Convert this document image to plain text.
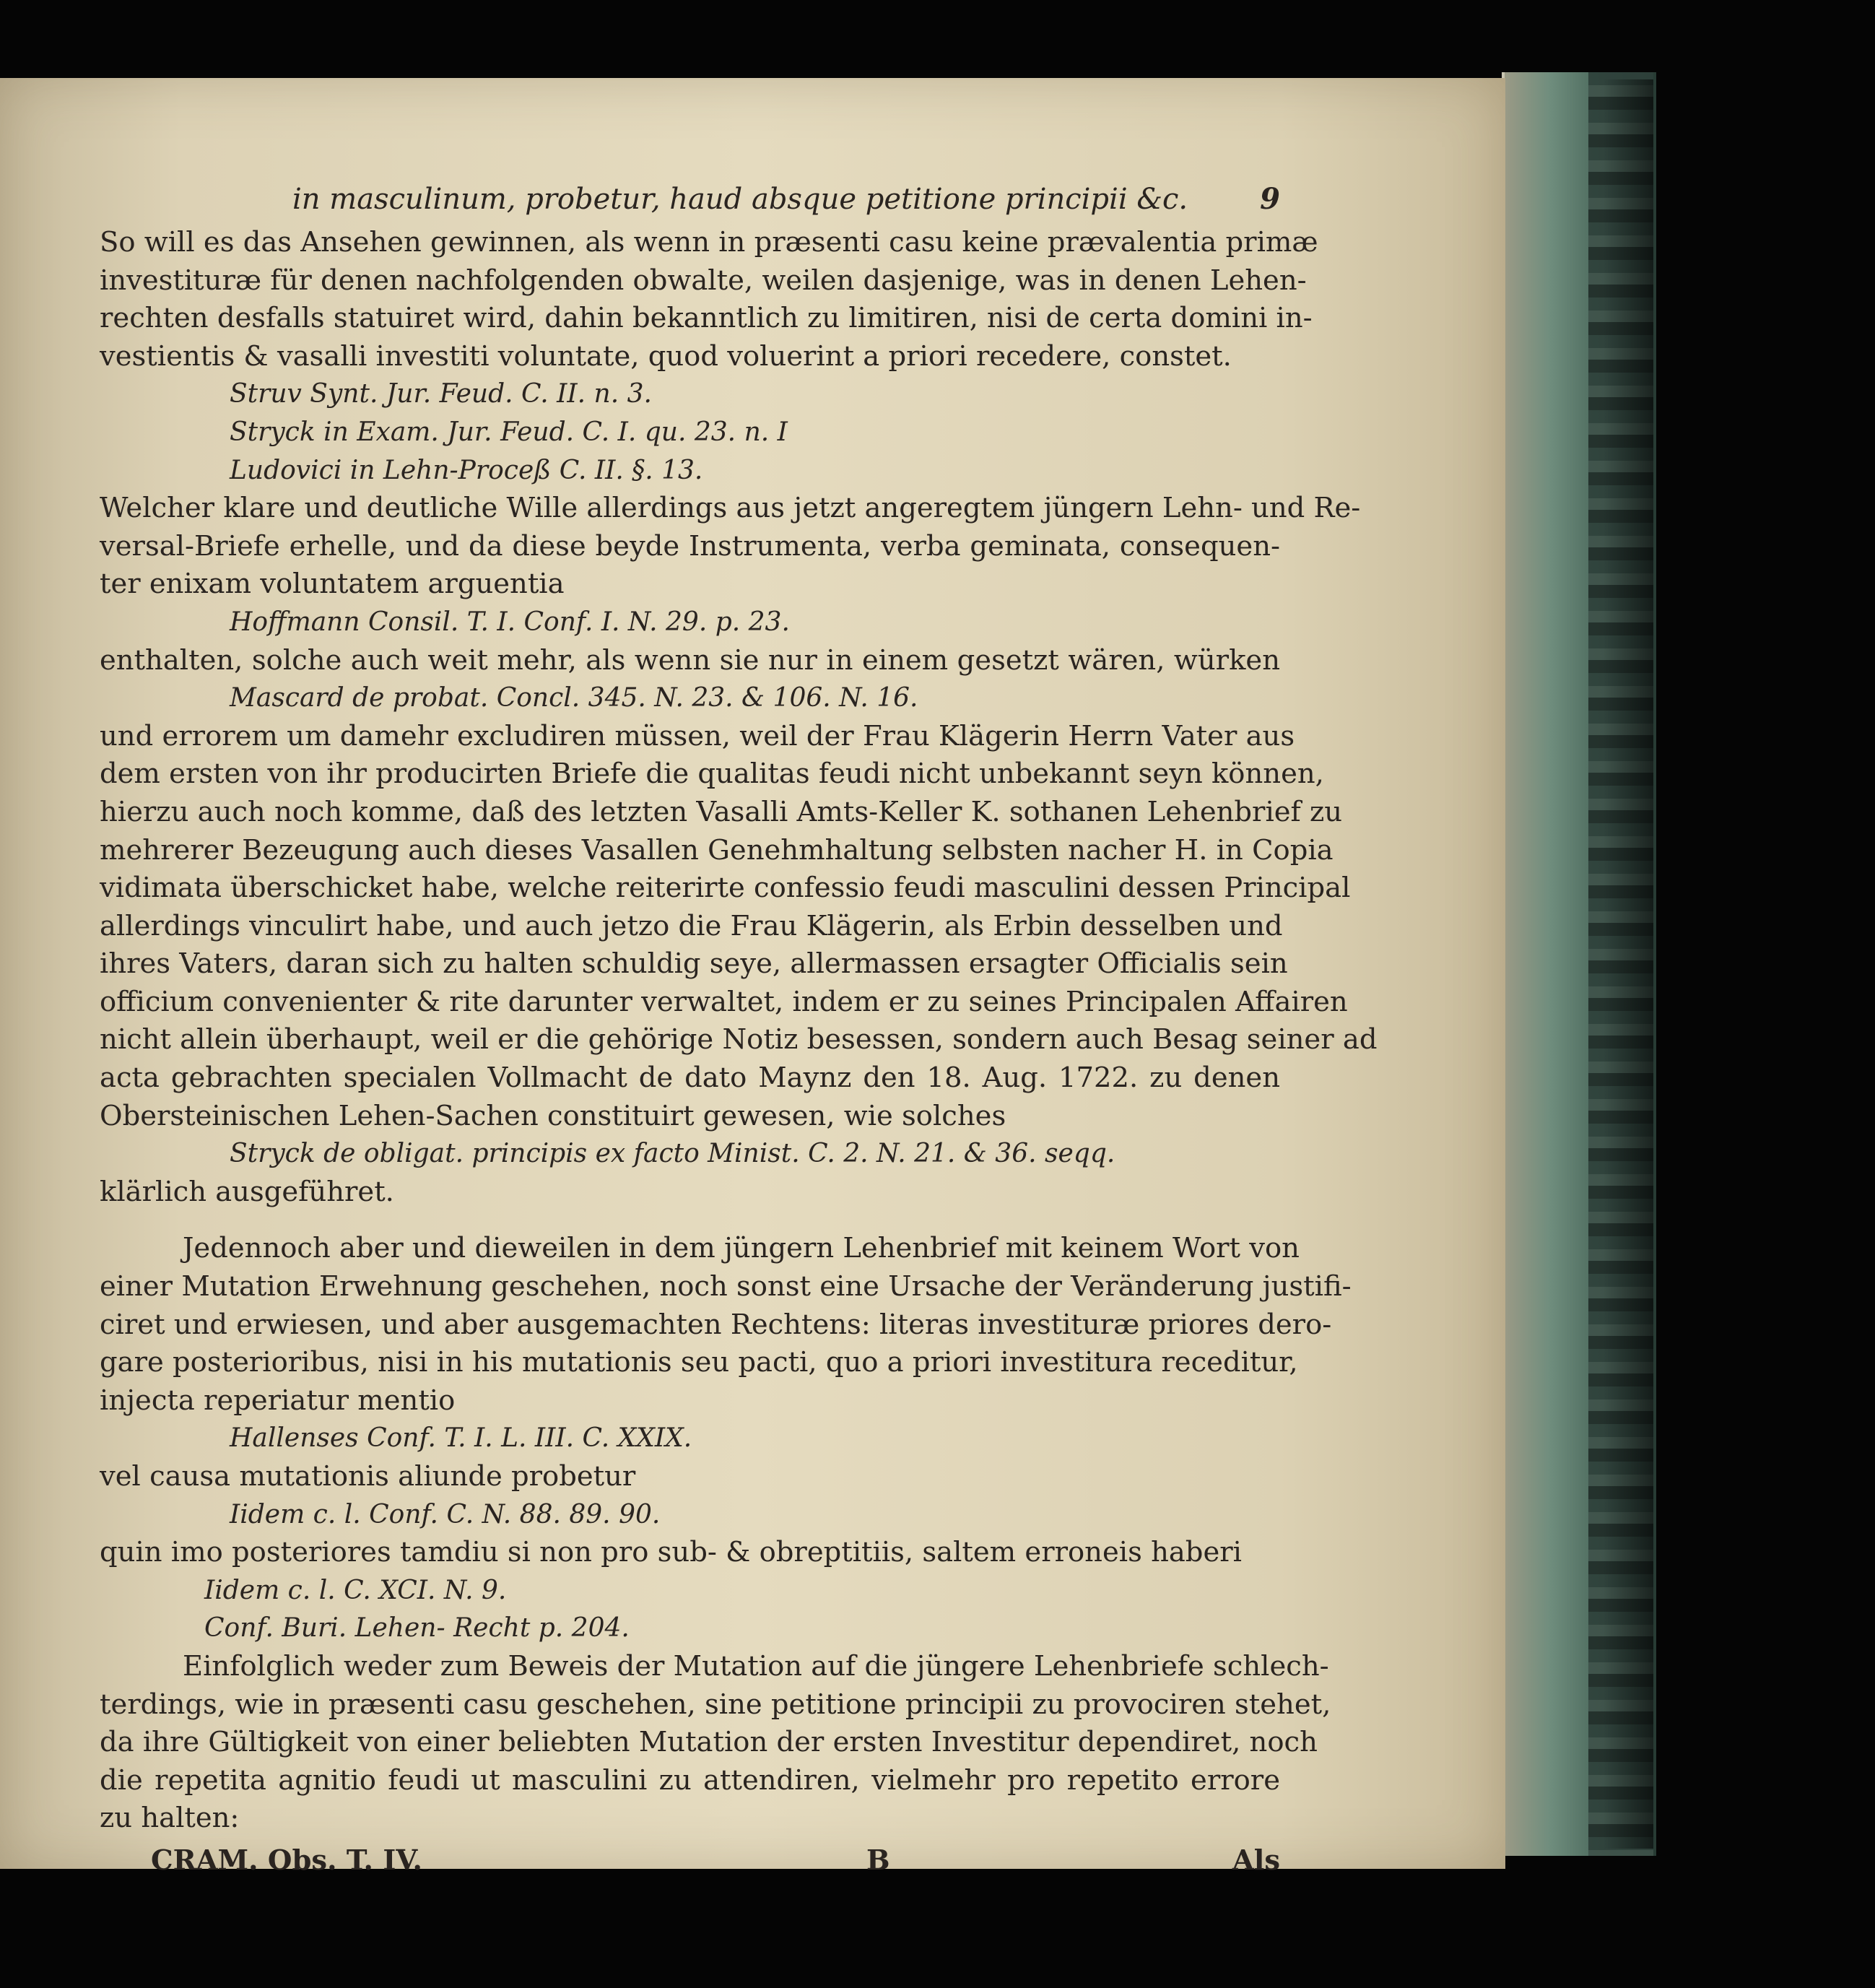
in masculinum, probetur, haud absque petitione principii &c.	9
So will es das Ansehen gewinnen, als wenn in præsenti casu keine prævalentia primæ
investituræ für denen nachfolgenden obwalte, weilen dasjenige, was in denen Lehen-
rechten desfalls statuiret wird, dahin bekanntlich zu limitiren, nisi de certa domini in-
vestientis & vasalli investiti voluntate, quod voluerint a priori recedere, constet.
Struv Synt. Jur. Feud. C. II. n. 3.
Stryck in Exam. Jur. Feud. C. I. qu. 23. n. I
Ludovici in Lehn-Proceß C. II. §. 13.
Welcher klare und deutliche Wille allerdings aus jetzt angeregtem jüngern Lehn- und Re-
versal-Briefe erhelle, und da diese beyde Instrumenta, verba geminata, consequen-
ter enixam voluntatem arguentia
Hoffmann Consil. T. I. Conf. I. N. 29. p. 23.
enthalten, solche auch weit mehr, als wenn sie nur in einem gesetzt wären, würken
Mascard de probat. Concl. 345. N. 23. & 106. N. 16.
und errorem um damehr excludiren müssen, weil der Frau Klägerin Herrn Vater aus
dem ersten von ihr producirten Briefe die qualitas feudi nicht unbekannt seyn können,
hierzu auch noch komme, daß des letzten Vasalli Amts-Keller K. sothanen Lehenbrief zu
mehrerer Bezeugung auch dieses Vasallen Genehmhaltung selbsten nacher H. in Copia
vidimata überschicket habe, welche reiterirte confessio feudi masculini dessen Principal
allerdings vinculirt habe, und auch jetzo die Frau Klägerin, als Erbin desselben und
ihres Vaters, daran sich zu halten schuldig seye, allermassen ersagter Officialis sein
officium convenienter & rite darunter verwaltet, indem er zu seines Principalen Affairen
nicht allein überhaupt, weil er die gehörige Notiz besessen, sondern auch Besag seiner ad
acta gebrachten specialen Vollmacht de dato Maynz den 18. Aug. 1722. zu denen
Obersteinischen Lehen-Sachen constituirt gewesen, wie solches
Stryck de obligat. principis ex facto Minist. C. 2. N. 21. & 36. seqq.
klärlich ausgeführet.
Jedennoch aber und dieweilen in dem jüngern Lehenbrief mit keinem Wort von
einer Mutation Erwehnung geschehen, noch sonst eine Ursache der Veränderung justifi-
ciret und erwiesen, und aber ausgemachten Rechtens: literas investituræ priores dero-
gare posterioribus, nisi in his mutationis seu pacti, quo a priori investitura receditur,
injecta reperiatur mentio
Hallenses Conf. T. I. L. III. C. XXIX.
vel causa mutationis aliunde probetur
Iidem c. l. Conf. C. N. 88. 89. 90.
quin imo posteriores tamdiu si non pro sub- & obreptitiis, saltem erroneis haberi
Iidem c. l. C. XCI. N. 9.
Conf. Buri. Lehen- Recht p. 204.
Einfolglich weder zum Beweis der Mutation auf die jüngere Lehenbriefe schlech-
terdings, wie in præsenti casu geschehen, sine petitione principii zu provociren stehet,
da ihre Gültigkeit von einer beliebten Mutation der ersten Investitur dependiret, noch
die repetita agnitio feudi ut masculini zu attendiren, vielmehr pro repetito errore
zu halten:
CRAM. Obs. T. IV.	B	Als
